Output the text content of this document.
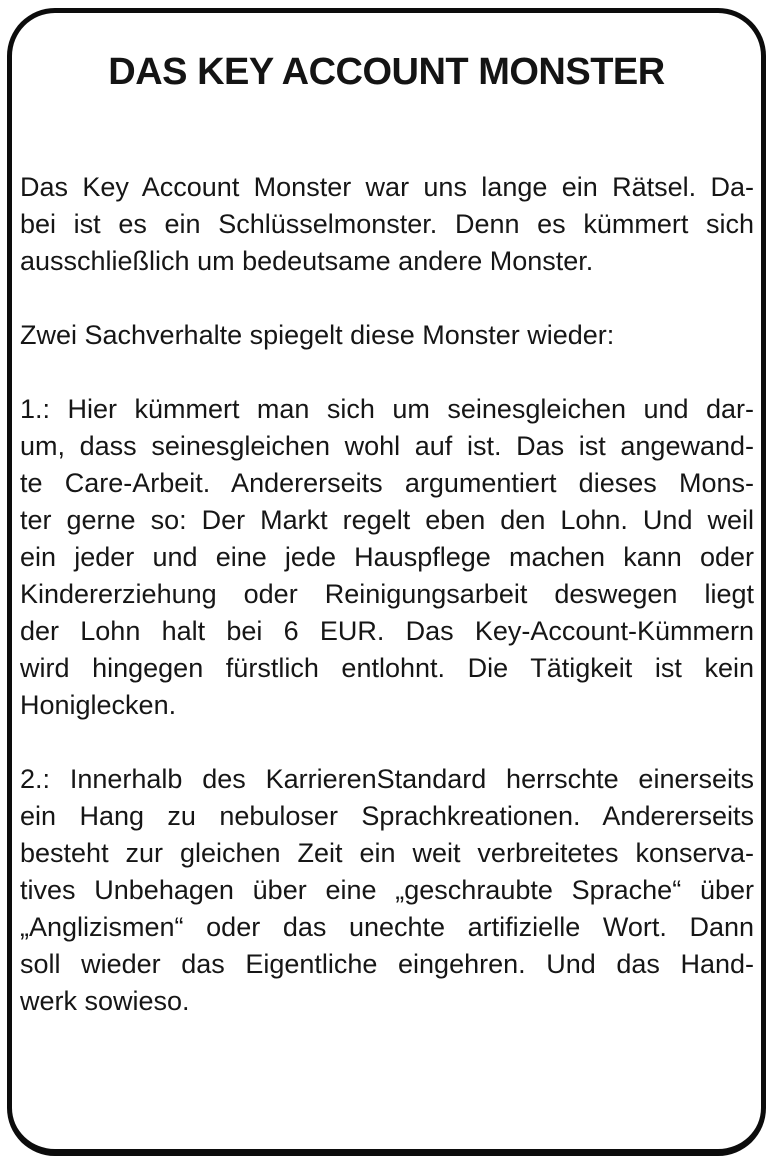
DAS KEY ACCOUNT MONSTER
Das Key Account Monster war uns lange ein Rätsel. Da-
bei ist es ein Schlüsselmonster. Denn es kümmert sich
ausschließlich um bedeutsame andere Monster.
Zwei Sachverhalte spiegelt diese Monster wieder:
1.: Hier kümmert man sich um seinesgleichen und dar-
um, dass seinesgleichen wohl auf ist. Das ist angewand-
te Care-Arbeit. Andererseits argumentiert dieses Mons-
ter gerne so: Der Markt regelt eben den Lohn. Und weil
ein jeder und eine jede Hauspflege machen kann oder
Kindererziehung oder Reinigungsarbeit deswegen liegt
der Lohn halt bei 6 EUR. Das Key-Account-Kümmern
wird hingegen fürstlich entlohnt. Die Tätigkeit ist kein
Honiglecken.
2.: Innerhalb des KarrierenStandard herrschte einerseits
ein Hang zu nebuloser Sprachkreationen. Andererseits
besteht zur gleichen Zeit ein weit verbreitetes konserva-
tives Unbehagen über eine „geschraubte Sprache“ über
„Anglizismen“ oder das unechte artifizielle Wort. Dann
soll wieder das Eigentliche eingehren. Und das Hand-
werk sowieso.
